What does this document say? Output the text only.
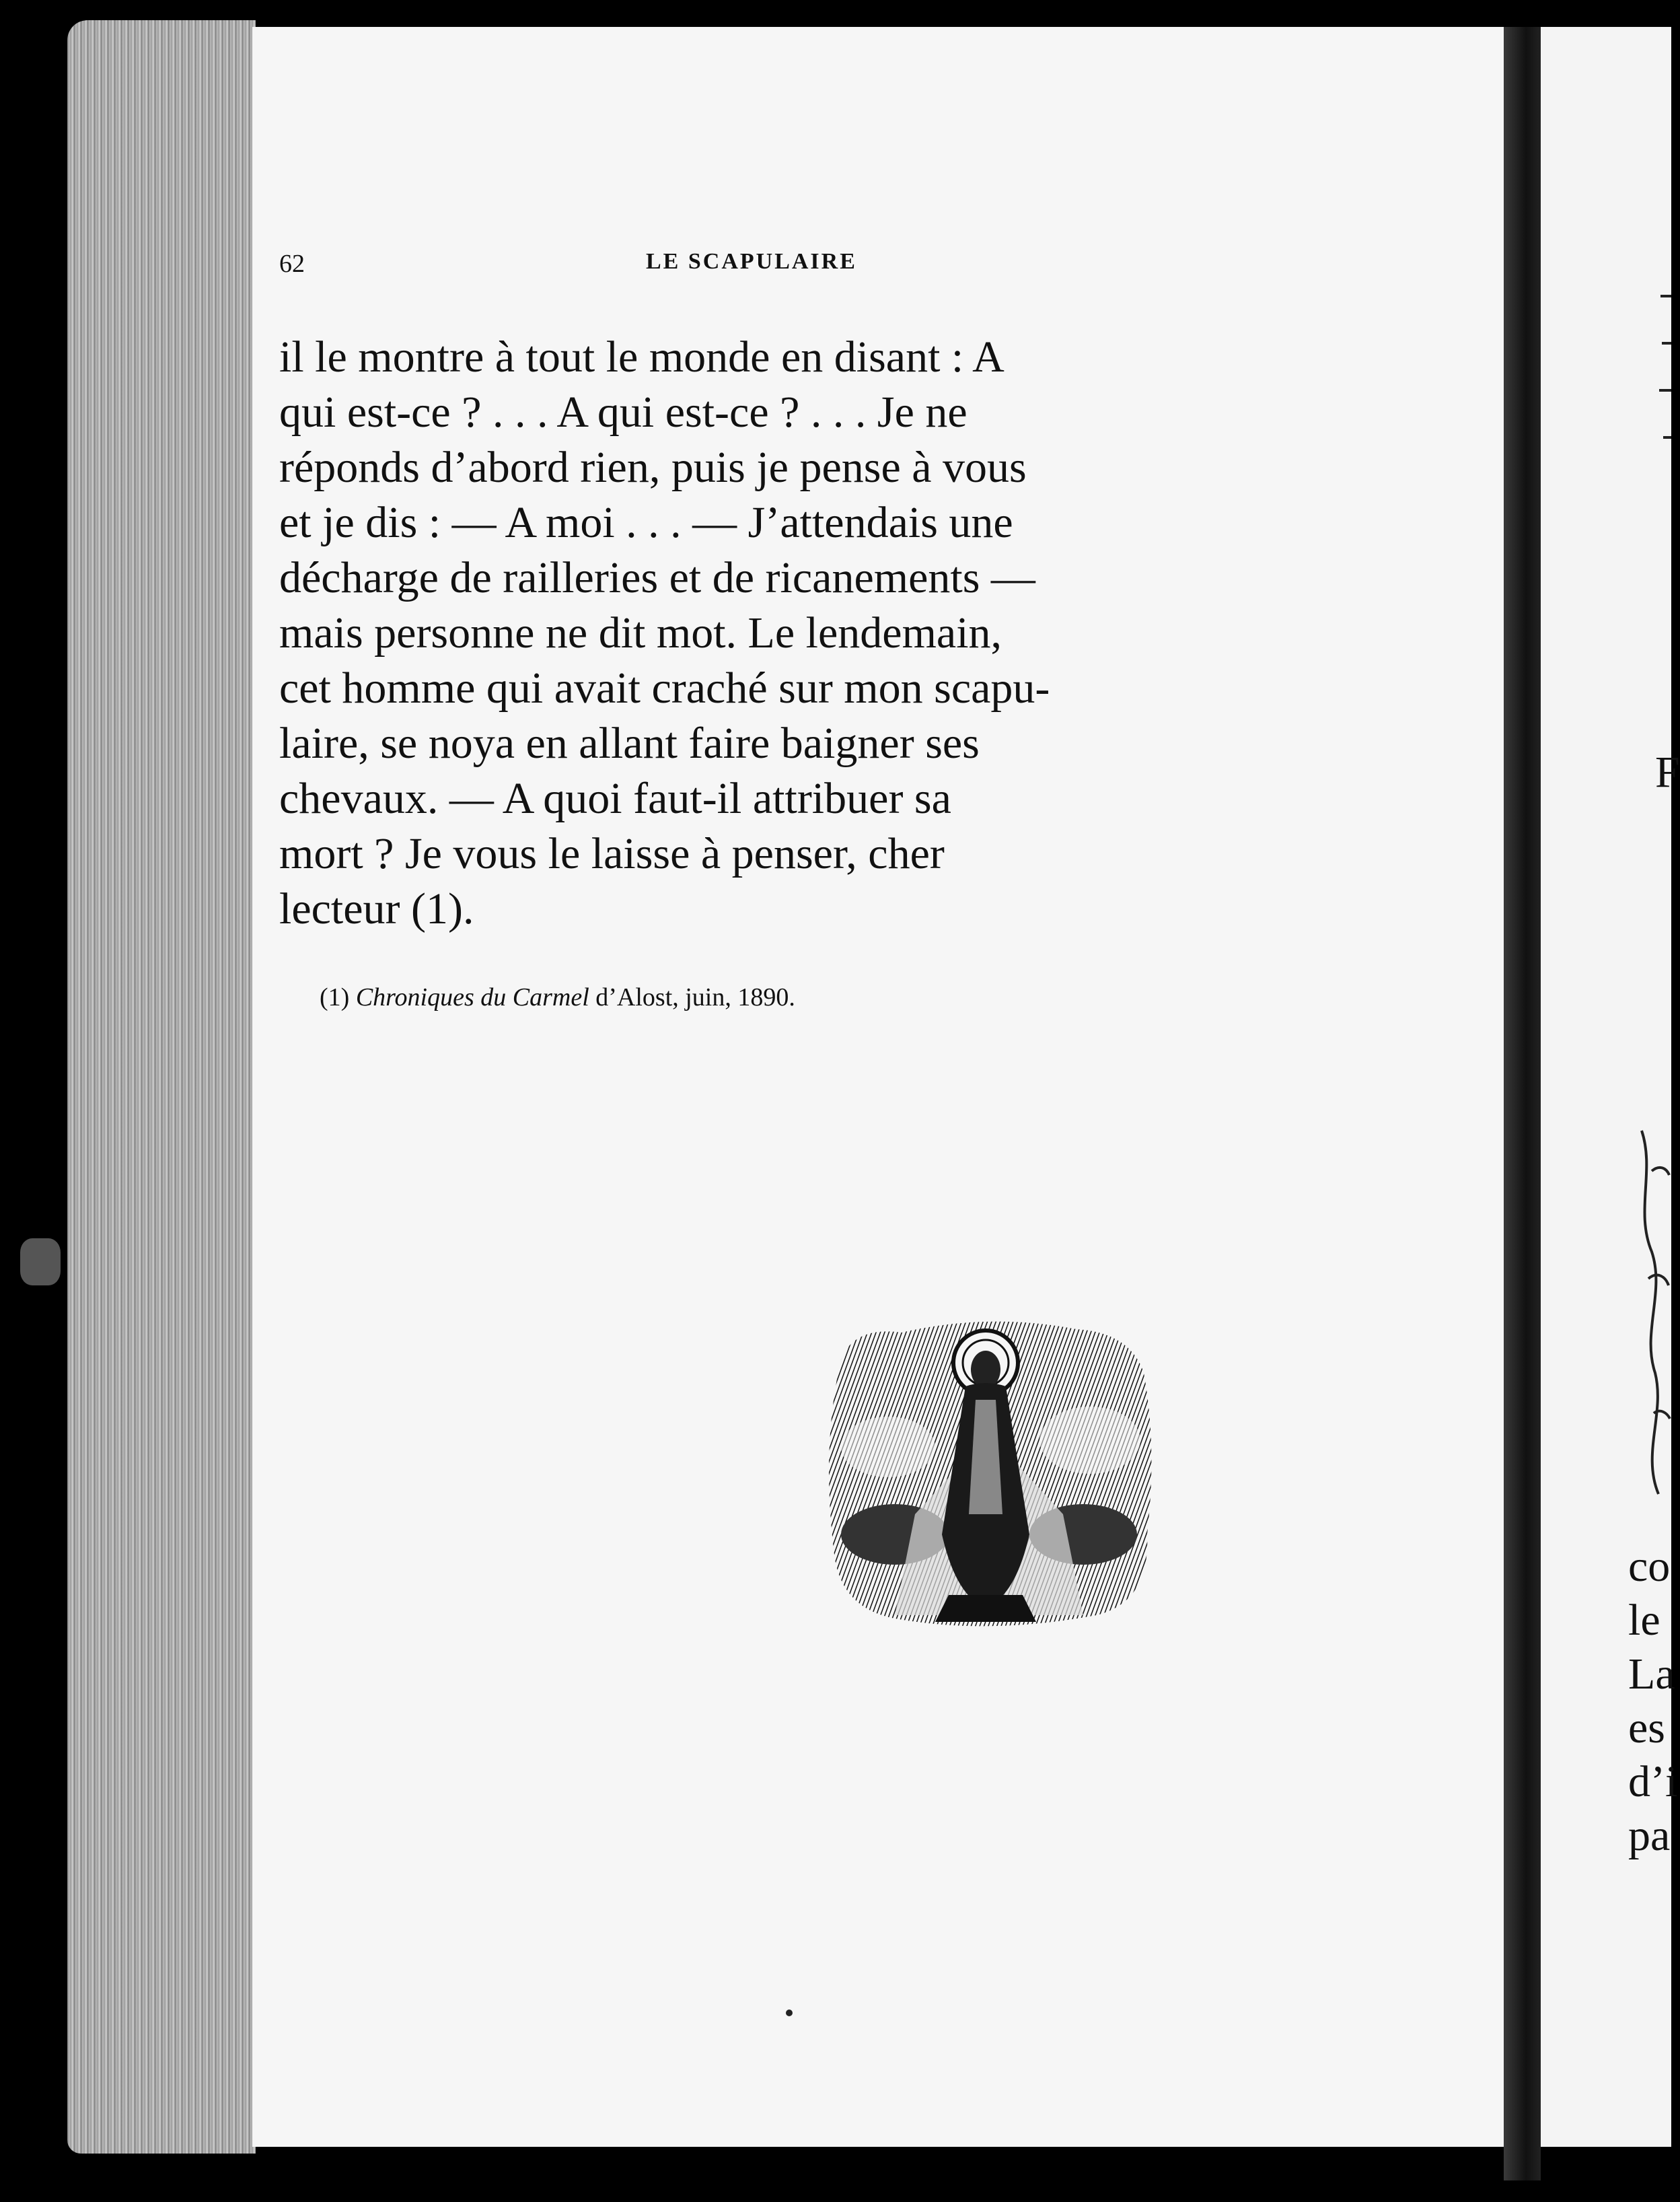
62	LE SCAPULAIRE
il le montre à tout le monde en disant : A
qui est-ce ? . . . A qui est-ce ? . . . Je ne
réponds d’abord rien, puis je pense à vous
et je dis : — A moi . . . — J’attendais une
décharge de railleries et de ricanements —
mais personne ne dit mot. Le lendemain,
cet homme qui avait craché sur mon scapu-
laire, se noya en allant faire baigner ses
chevaux. — A quoi faut-il attribuer sa
mort ? Je vous le laisse à penser, cher
lecteur (1).
(1) Chroniques du Carmel d’Alost, juin, 1890.
F
co
le
La
es
d’i
pa
